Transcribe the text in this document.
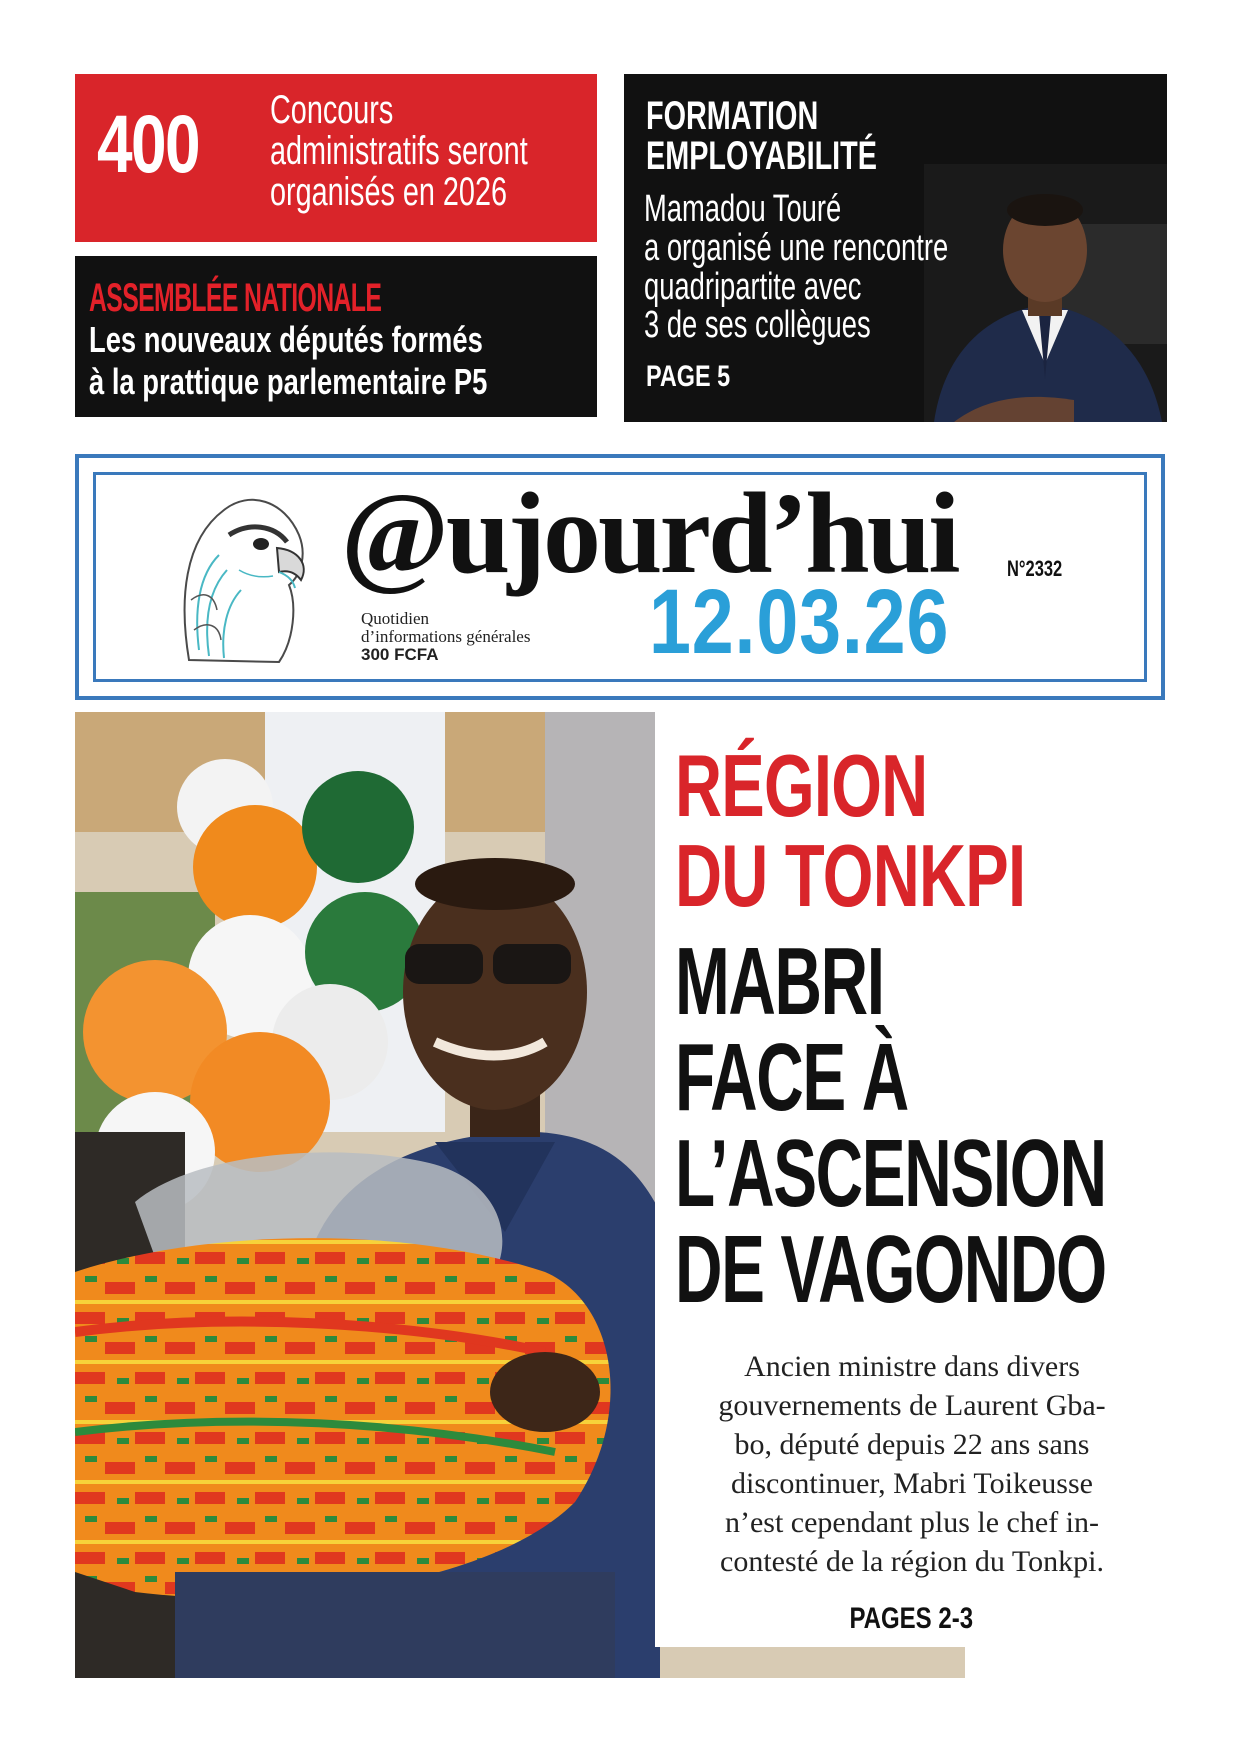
400 Concours
administratifs seront
organisés en 2026
ASSEMBLÉE NATIONALE
Les nouveaux députés formés
à la prattique parlementaire P5
FORMATION
EMPLOYABILITÉ
Mamadou Touré
a organisé une rencontre
quadripartite avec
3 de ses collègues
PAGE 5
@ujourd’hui N°2332
Quotidien
d’informations générales
300 FCFA	12.03.26
RÉGION
DU TONKPI
MABRI
FACE À
L’ASCENSION
DE VAGONDO
Ancien ministre dans divers
gouvernements de Laurent Gba-
bo, député depuis 22 ans sans
discontinuer, Mabri Toikeusse
n’est cependant plus le chef in-
contesté de la région du Tonkpi.
PAGES 2-3
